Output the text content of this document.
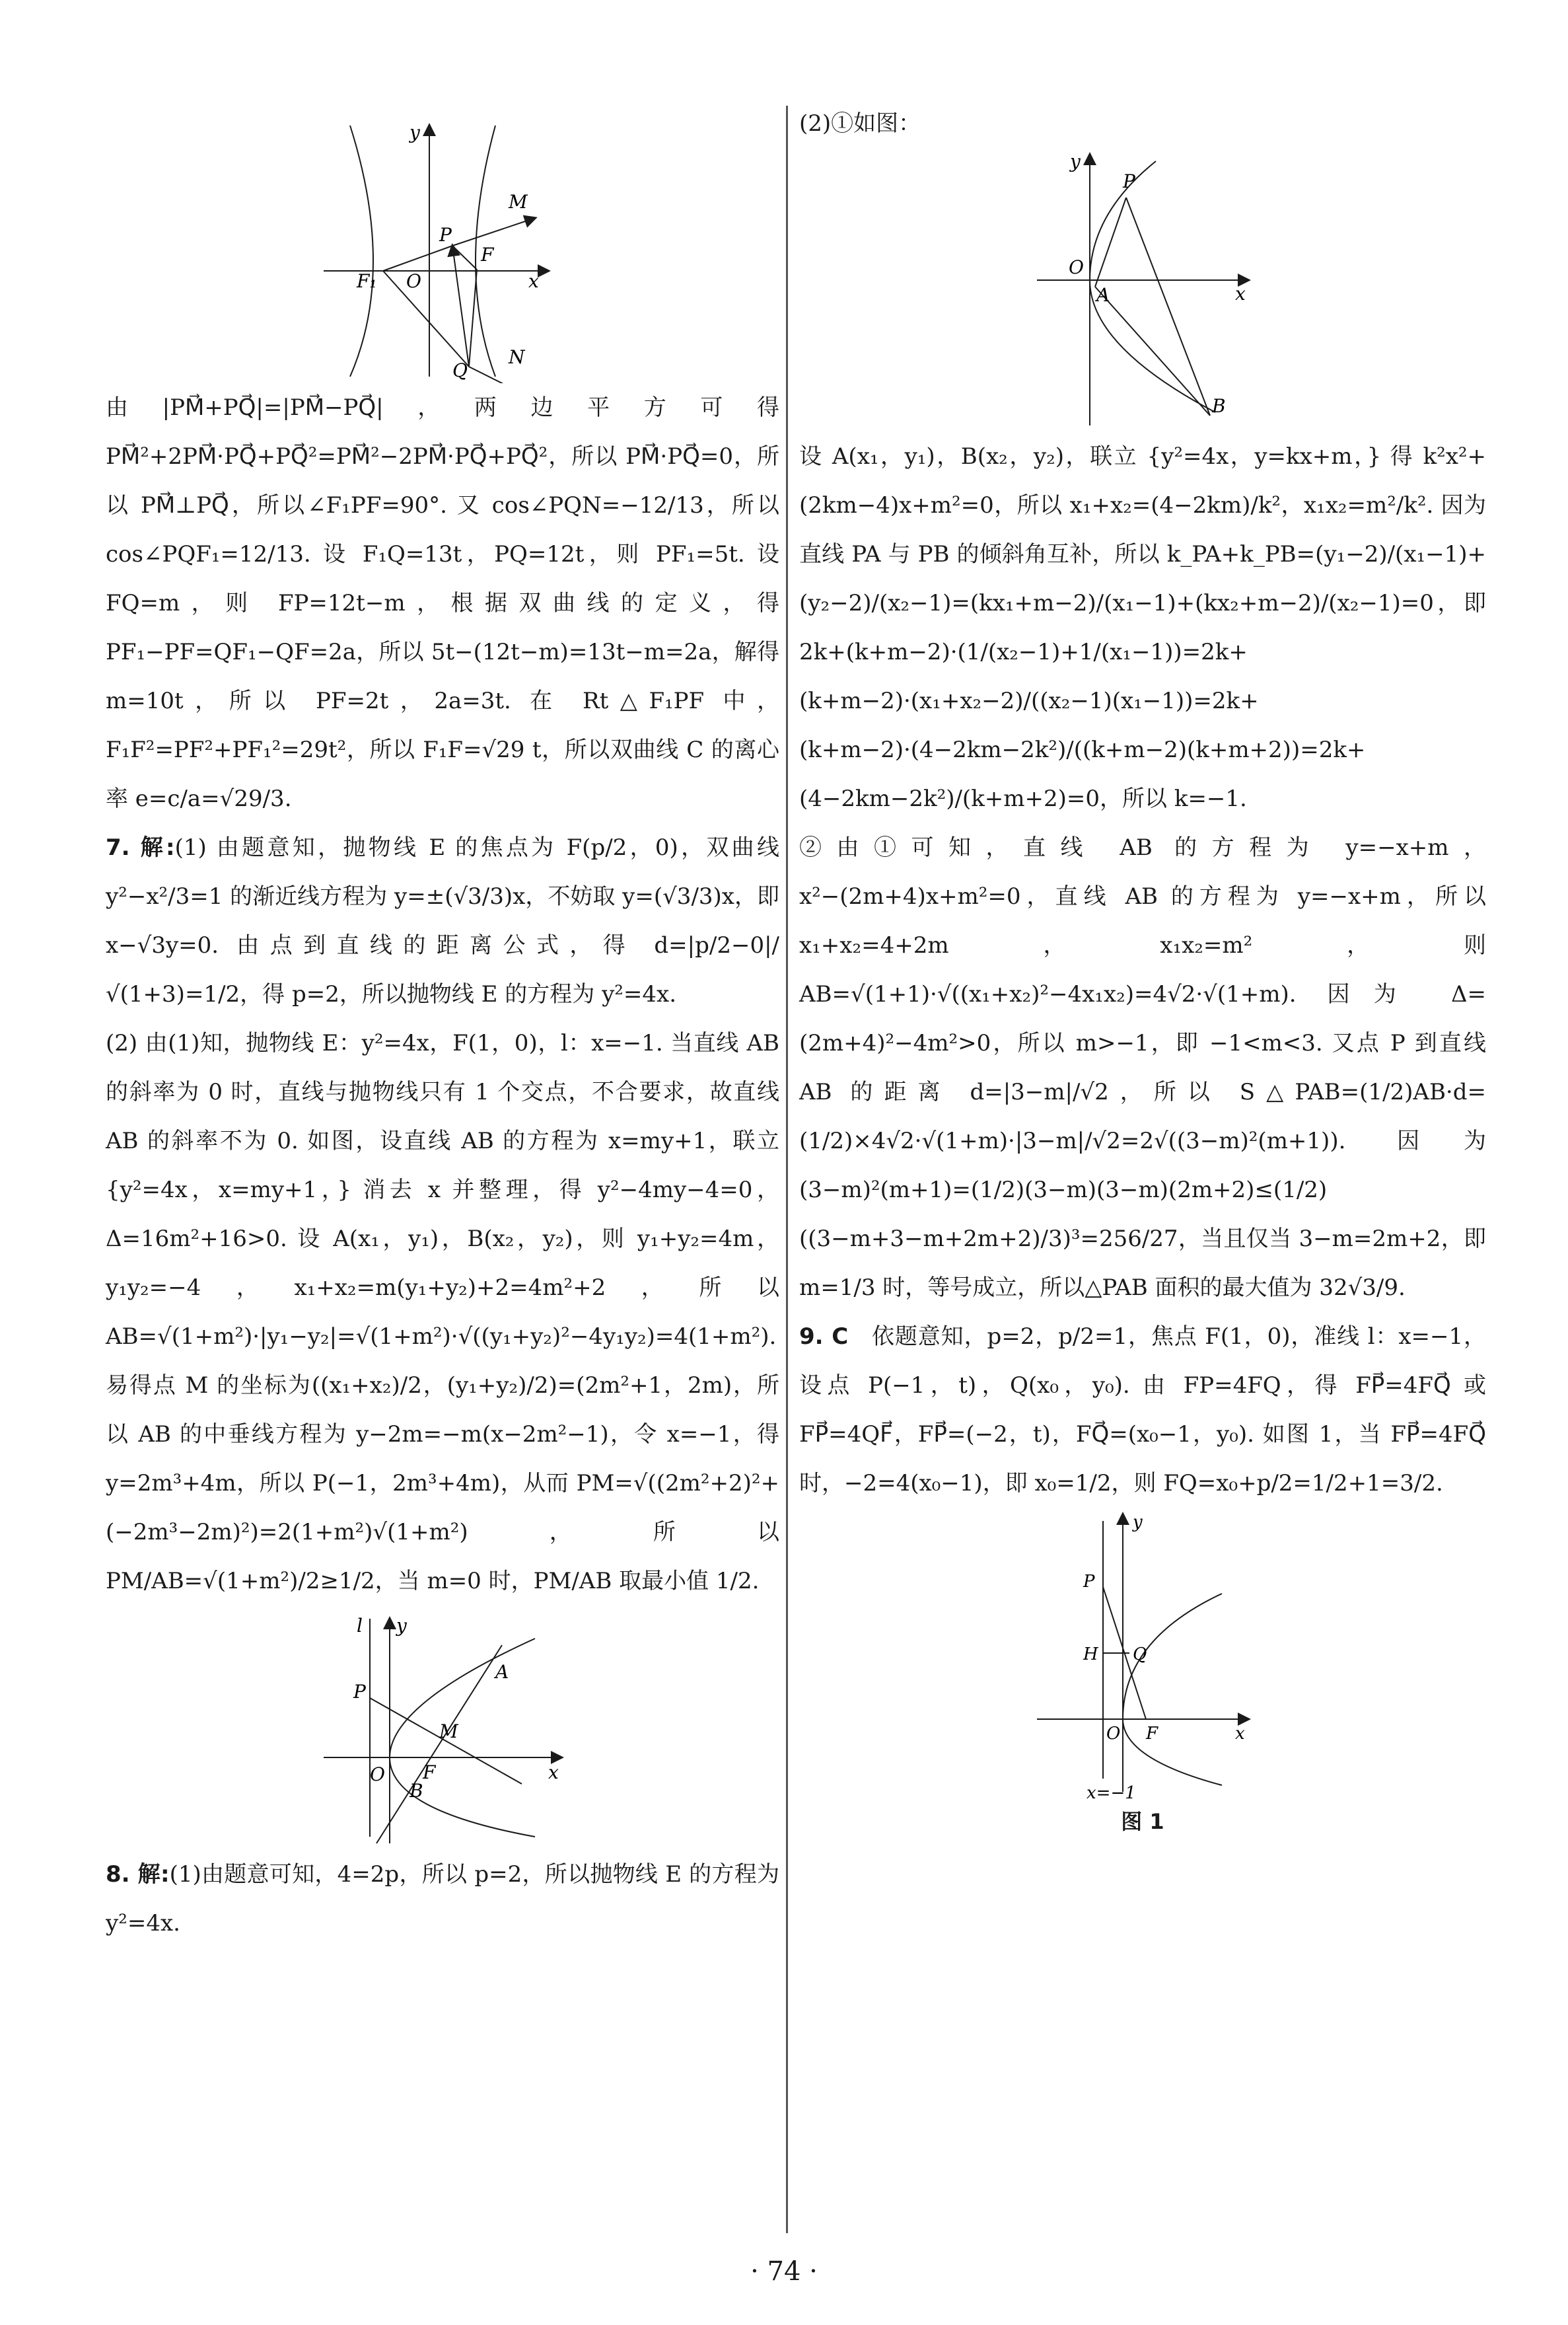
y
M
P
F
F₁ O	x
Q
N

由|PM⃗+PQ⃗|=|PM⃗−PQ⃗|，两边平方可得 PM⃗²+2PM⃗·PQ⃗+PQ⃗²=PM⃗²−2PM⃗·PQ⃗+PQ⃗²，所以 PM⃗·PQ⃗=0，所以 PM⃗⊥PQ⃗，所以∠F₁PF=90°. 又 cos∠PQN=−12/13，所以 cos∠PQF₁=12/13. 设 F₁Q=13t，PQ=12t，则 PF₁=5t. 设 FQ=m，则 FP=12t−m，根据双曲线的定义，得 PF₁−PF=QF₁−QF=2a，所以 5t−(12t−m)=13t−m=2a，解得 m=10t，所以 PF=2t，2a=3t. 在 Rt△F₁PF 中，F₁F²=PF²+PF₁²=29t²，所以 F₁F=√29 t，所以双曲线 C 的离心率 e=c/a=√29/3.

7. 解:(1) 由题意知，抛物线 E 的焦点为 F(p/2，0)，双曲线 y²−x²/3=1 的渐近线方程为 y=±(√3/3)x，不妨取 y=(√3/3)x，即 x−√3y=0. 由点到直线的距离公式，得 d=|p/2−0|/√(1+3)=1/2，得 p=2，所以抛物线 E 的方程为 y²=4x.

(2) 由(1)知，抛物线 E：y²=4x，F(1，0)，l：x=−1. 当直线 AB 的斜率为 0 时，直线与抛物线只有 1 个交点，不合要求，故直线 AB 的斜率不为 0. 如图，设直线 AB 的方程为 x=my+1，联立 {y²=4x，x=my+1，} 消去 x 并整理，得 y²−4my−4=0，Δ=16m²+16>0. 设 A(x₁，y₁)，B(x₂，y₂)，则 y₁+y₂=4m，y₁y₂=−4，x₁+x₂=m(y₁+y₂)+2=4m²+2，所以 AB=√(1+m²)·|y₁−y₂|=√(1+m²)·√((y₁+y₂)²−4y₁y₂)=4(1+m²). 易得点 M 的坐标为((x₁+x₂)/2，(y₁+y₂)/2)=(2m²+1，2m)，所以 AB 的中垂线方程为 y−2m=−m(x−2m²−1)，令 x=−1，得 y=2m³+4m，所以 P(−1，2m³+4m)，从而 PM=√((2m²+2)²+(−2m³−2m)²)=2(1+m²)√(1+m²)，所以 PM/AB=√(1+m²)/2≥1/2，当 m=0 时，PM/AB 取最小值 1/2.

l y
A
P
M
O F
B
x

8. 解:(1)由题意可知，4=2p，所以 p=2，所以抛物线 E 的方程为 y²=4x.

(2)①如图：

y
P
O
A	x
B

设 A(x₁，y₁)，B(x₂，y₂)，联立 {y²=4x，y=kx+m，} 得 k²x²+(2km−4)x+m²=0，所以 x₁+x₂=(4−2km)/k²，x₁x₂=m²/k². 因为直线 PA 与 PB 的倾斜角互补，所以 k_PA+k_PB=(y₁−2)/(x₁−1)+(y₂−2)/(x₂−1)=(kx₁+m−2)/(x₁−1)+(kx₂+m−2)/(x₂−1)=0，即 2k+(k+m−2)·(1/(x₂−1)+1/(x₁−1))=2k+(k+m−2)·(x₁+x₂−2)/((x₂−1)(x₁−1))=2k+(k+m−2)·(4−2km−2k²)/((k+m−2)(k+m+2))=2k+(4−2km−2k²)/(k+m+2)=0，所以 k=−1.

②由①可知，直线 AB 的方程为 y=−x+m，x²−(2m+4)x+m²=0，直线 AB 的方程为 y=−x+m，所以 x₁+x₂=4+2m，x₁x₂=m²，则 AB=√(1+1)·√((x₁+x₂)²−4x₁x₂)=4√2·√(1+m). 因为 Δ=(2m+4)²−4m²>0，所以 m>−1，即 −1<m<3. 又点 P 到直线 AB 的距离 d=|3−m|/√2，所以 S△PAB=(1/2)AB·d=(1/2)×4√2·√(1+m)·|3−m|/√2=2√((3−m)²(m+1)). 因为 (3−m)²(m+1)=(1/2)(3−m)(3−m)(2m+2)≤(1/2)((3−m+3−m+2m+2)/3)³=256/27，当且仅当 3−m=2m+2，即 m=1/3 时，等号成立，所以△PAB 面积的最大值为 32√3/9.

9. C　 依题意知，p=2，p/2=1，焦点 F(1，0)，准线 l：x=−1，设点 P(−1，t)，Q(x₀，y₀). 由 FP=4FQ，得 FP⃗=4FQ⃗ 或 FP⃗=4QF⃗，FP⃗=(−2，t)，FQ⃗=(x₀−1，y₀). 如图 1，当 FP⃗=4FQ⃗ 时，−2=4(x₀−1)，即 x₀=1/2，则 FQ=x₀+p/2=1/2+1=3/2.

y
P
H Q
O F	x
x=−1
图 1
· 74 ·
